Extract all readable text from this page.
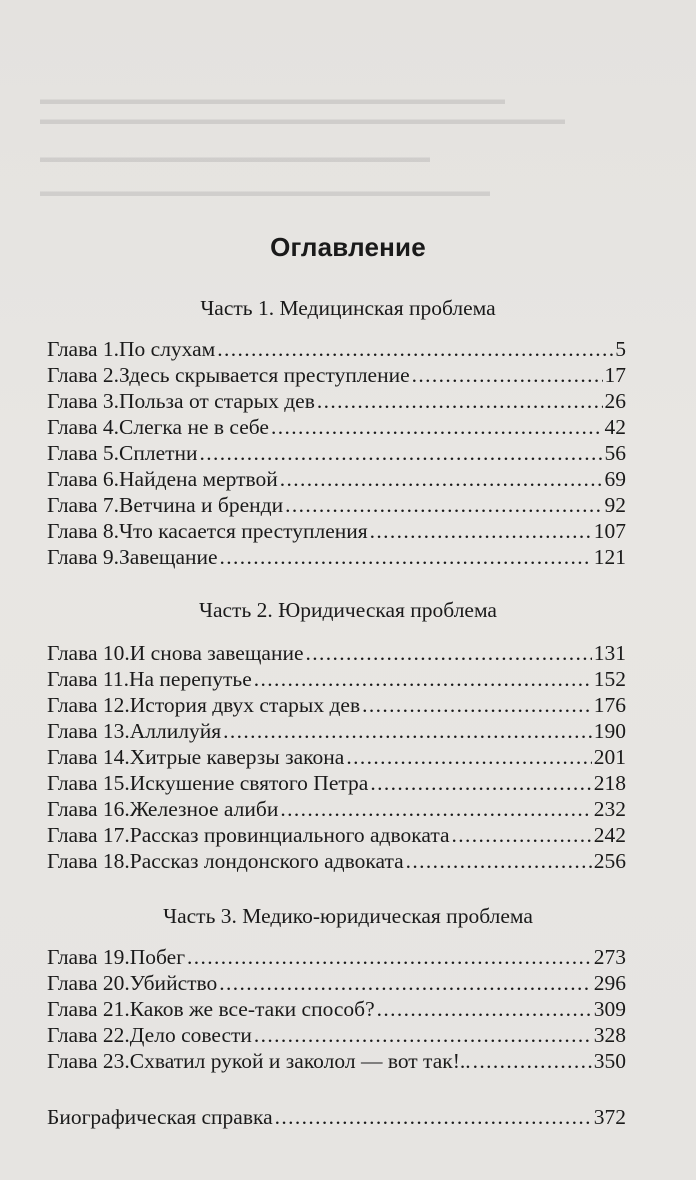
▬▬▬▬▬▬▬▬▬▬▬▬▬▬▬▬▬▬▬▬▬▬▬▬▬▬▬▬▬▬▬
▬▬▬▬▬▬▬▬▬▬▬▬▬▬▬▬▬▬▬▬▬▬▬▬▬▬▬▬▬▬▬▬▬▬▬
▬▬▬▬▬▬▬▬▬▬▬▬▬▬▬▬▬▬▬▬▬▬▬▬▬▬
▬▬▬▬▬▬▬▬▬▬▬▬▬▬▬▬▬▬▬▬▬▬▬▬▬▬▬▬▬▬
Оглавление
Часть 1. Медицинская проблема
Глава 1. По слухам . . .	5
Глава 2. Здесь скрывается преступление . . .	17
Глава 3. Польза от старых дев . . .	26
Глава 4. Слегка не в себе . . .	42
Глава 5. Сплетни . . .	56
Глава 6. Найдена мертвой . . .	69
Глава 7. Ветчина и бренди . . .	92
Глава 8. Что касается преступления . . .	107
Глава 9. Завещание . . .	121
Часть 2. Юридическая проблема
Глава 10. И снова завещание . . .	131
Глава 11. На перепутье . . .	152
Глава 12. История двух старых дев . . .	176
Глава 13. Аллилуйя . . .	190
Глава 14. Хитрые каверзы закона . . .	201
Глава 15. Искушение святого Петра . . .	218
Глава 16. Железное алиби . . .	232
Глава 17. Рассказ провинциального адвоката . . .	242
Глава 18. Рассказ лондонского адвоката . . .	256
Часть 3. Медико-юридическая проблема
Глава 19. Побег . . .	273
Глава 20. Убийство . . .	296
Глава 21. Каков же все-таки способ? . . .	309
Глава 22. Дело совести . . .	328
Глава 23. Схватил рукой и заколол — вот так!.. . . .	350
Биографическая справка . . .	372
